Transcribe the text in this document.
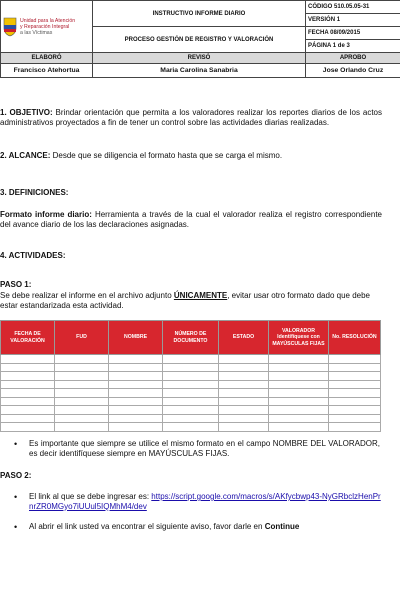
Unidad para la Atención
y Reparación Integral
a las Víctimas	INSTRUCTIVO INFORME DIARIO	CÓDIGO 510.05.05-31
		VERSIÓN 1
	PROCESO GESTIÓN DE REGISTRO Y VALORACIÓN	FECHA 08/09/2015
		PÁGINA 1 de 3
ELABORÓ	REVISÓ	APROBO
Francisco Atehortua	Maria Carolina Sanabria	Jose Orlando Cruz
1. OBJETIVO: Brindar orientación que permita a los valoradores realizar los reportes diarios de los actos administrativos proyectados a fin de tener un control sobre las actividades diarias realizadas.
2. ALCANCE: Desde que se diligencia el formato hasta que se carga el mismo.
3. DEFINICIONES:
Formato informe diario: Herramienta a través de la cual el valorador realiza el registro correspondiente del avance diario de los las declaraciones asignadas.
4. ACTIVIDADES:
PASO 1:
Se debe realizar el informe en el archivo adjunto ÚNICAMENTE, evitar usar otro formato dado que debe estar estandarizada esta actividad.
FECHA DE VALORACIÓN	FUD	NOMBRE	NÚMERO DE DOCUMENTO	ESTADO	VALORADOR Identifíquese con MAYÚSCULAS FIJAS	No. RESOLUCIÓN

• Es importante que siempre se utilice el mismo formato en el campo NOMBRE DEL VALORADOR, es decir identifíquese siempre en MAYÚSCULAS FIJAS.
PASO 2:
• El link al que se debe ingresar es: https://script.google.com/macros/s/AKfycbwp43-NyGRbclzHenPrnrZR0MGyo7iUUul5IQMhM4/dev
• Al abrir el link usted va encontrar el siguiente aviso, favor darle en Continue
